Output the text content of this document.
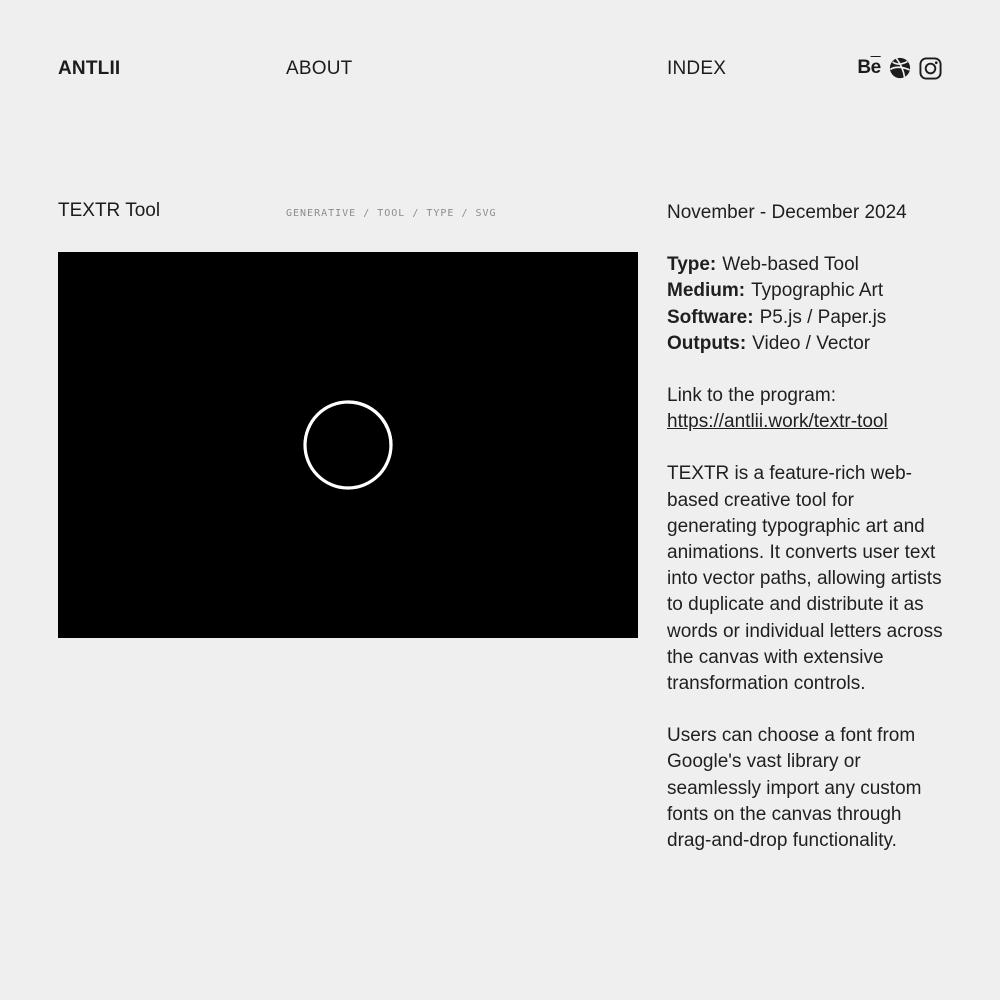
ANTLII	ABOUT	INDEX	Be
TEXTR Tool	GENERATIVE / TOOL / TYPE / SVG	November - December 2024
Type: Web-based Tool
Medium: Typographic Art
Software: P5.js / Paper.js
Outputs: Video / Vector
Link to the program:
https://antlii.work/textr-tool

TEXTR is a feature-rich web-based creative tool for generating typographic art and animations. It converts user text into vector paths, allowing artists to duplicate and distribute it as words or individual letters across the canvas with extensive transformation controls.

Users can choose a font from Google's vast library or seamlessly import any custom fonts on the canvas through drag-and-drop functionality.
